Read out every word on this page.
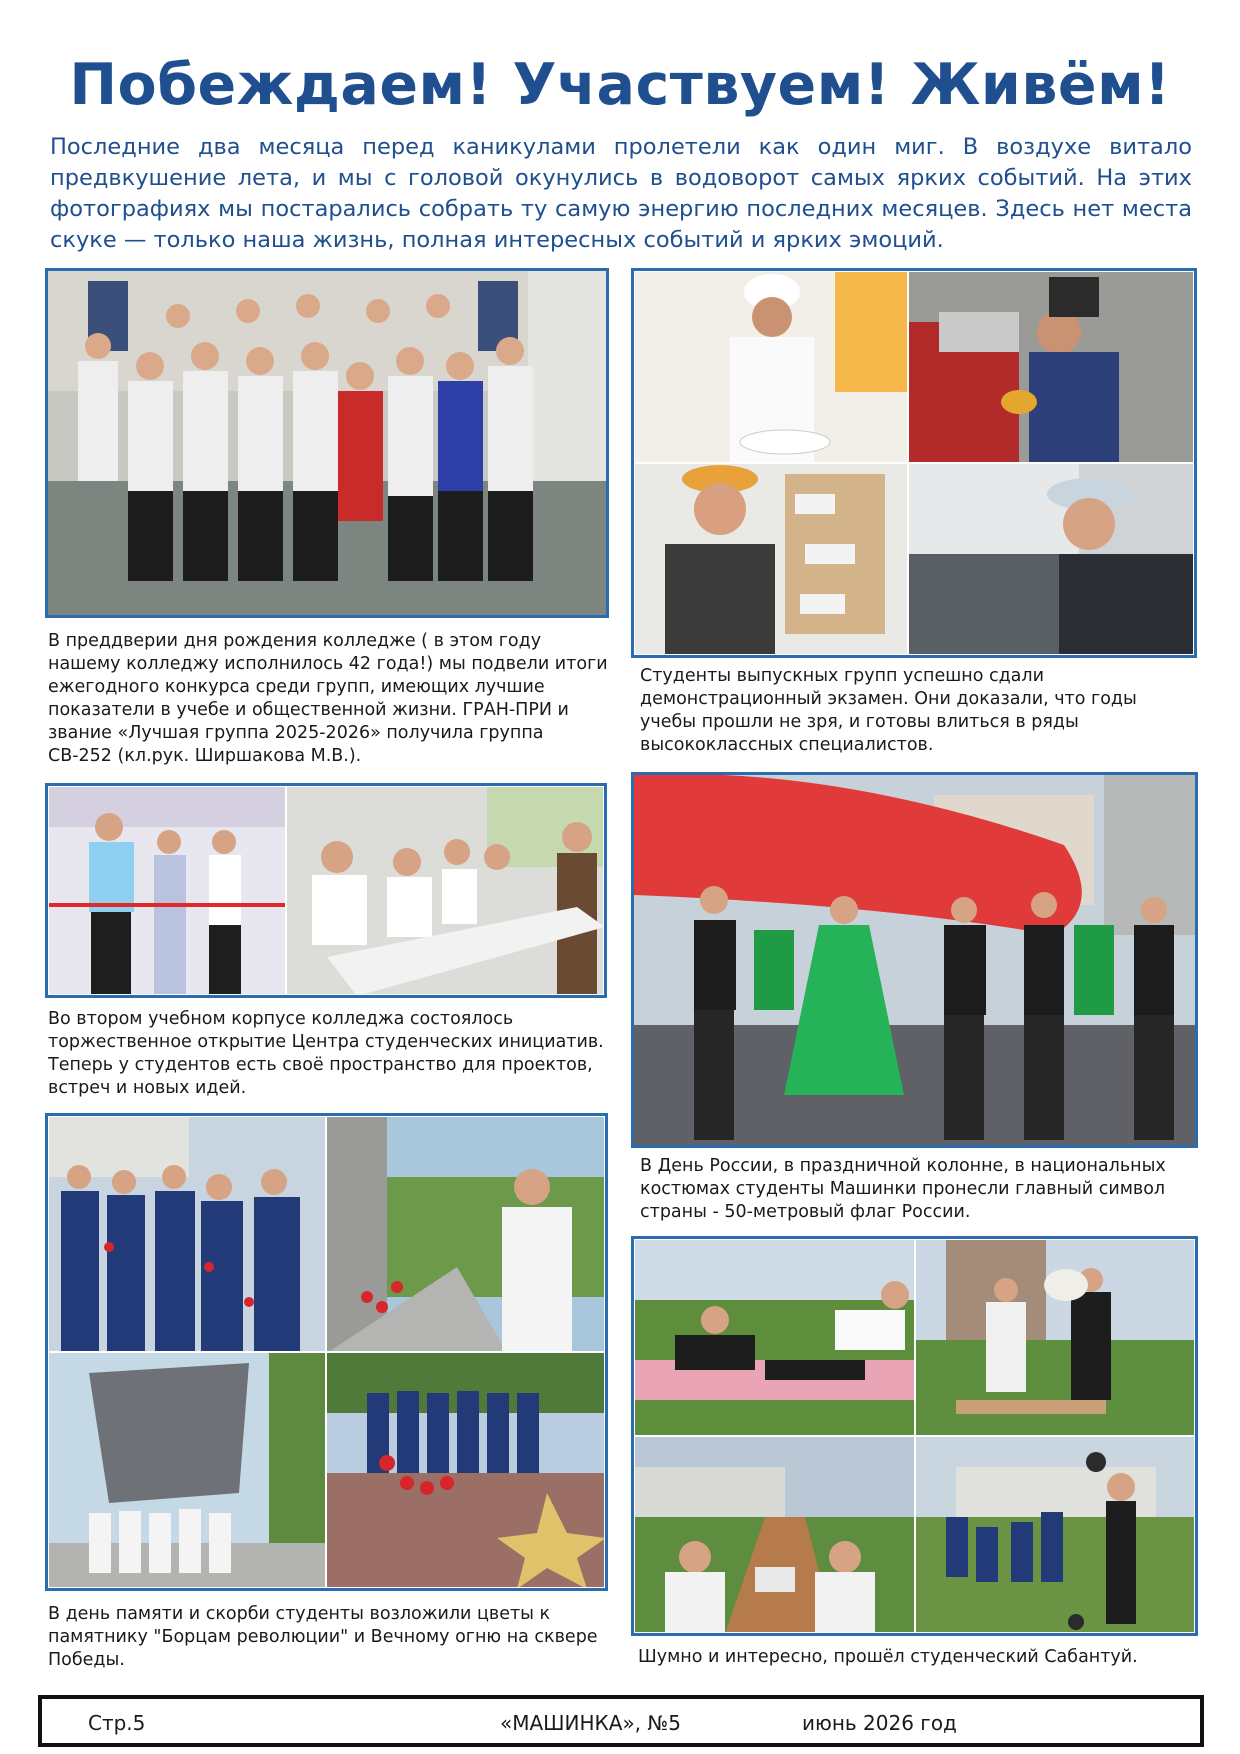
Побеждаем! Участвуем! Живём!
Последние два месяца перед каникулами пролетели как один миг. В воздухе витало предвкушение лета, и мы с головой окунулись в водоворот самых ярких событий. На этих фотографиях мы постарались собрать ту самую энергию последних месяцев. Здесь нет места скуке — только наша жизнь, полная интересных событий и ярких эмоций.
В преддверии дня рождения колледже ( в этом году нашему колледжу исполнилось 42 года!) мы подвели итоги ежегодного конкурса среди групп, имеющих лучшие показатели в учебе и общественной жизни. ГРАН-ПРИ и звание «Лучшая группа 2025-2026» получила группа СВ-252 (кл.рук. Ширшакова М.В.).
Студенты выпускных групп успешно сдали демонстрационный экзамен. Они доказали, что годы учебы прошли не зря, и готовы влиться в ряды высококлассных специалистов.
Во втором учебном корпусе колледжа состоялось торжественное открытие Центра студенческих инициатив. Теперь у студентов есть своё пространство для проектов, встреч и новых идей.
В День России, в праздничной колонне, в национальных костюмах студенты Машинки пронесли главный символ страны - 50-метровый флаг России.
В день памяти и скорби студенты возложили цветы к памятнику "Борцам революции" и Вечному огню на сквере Победы.	Шумно и интересно, прошёл студенческий Сабантуй.
Стр.5	«МАШИНКА», №5	июнь 2026 год
